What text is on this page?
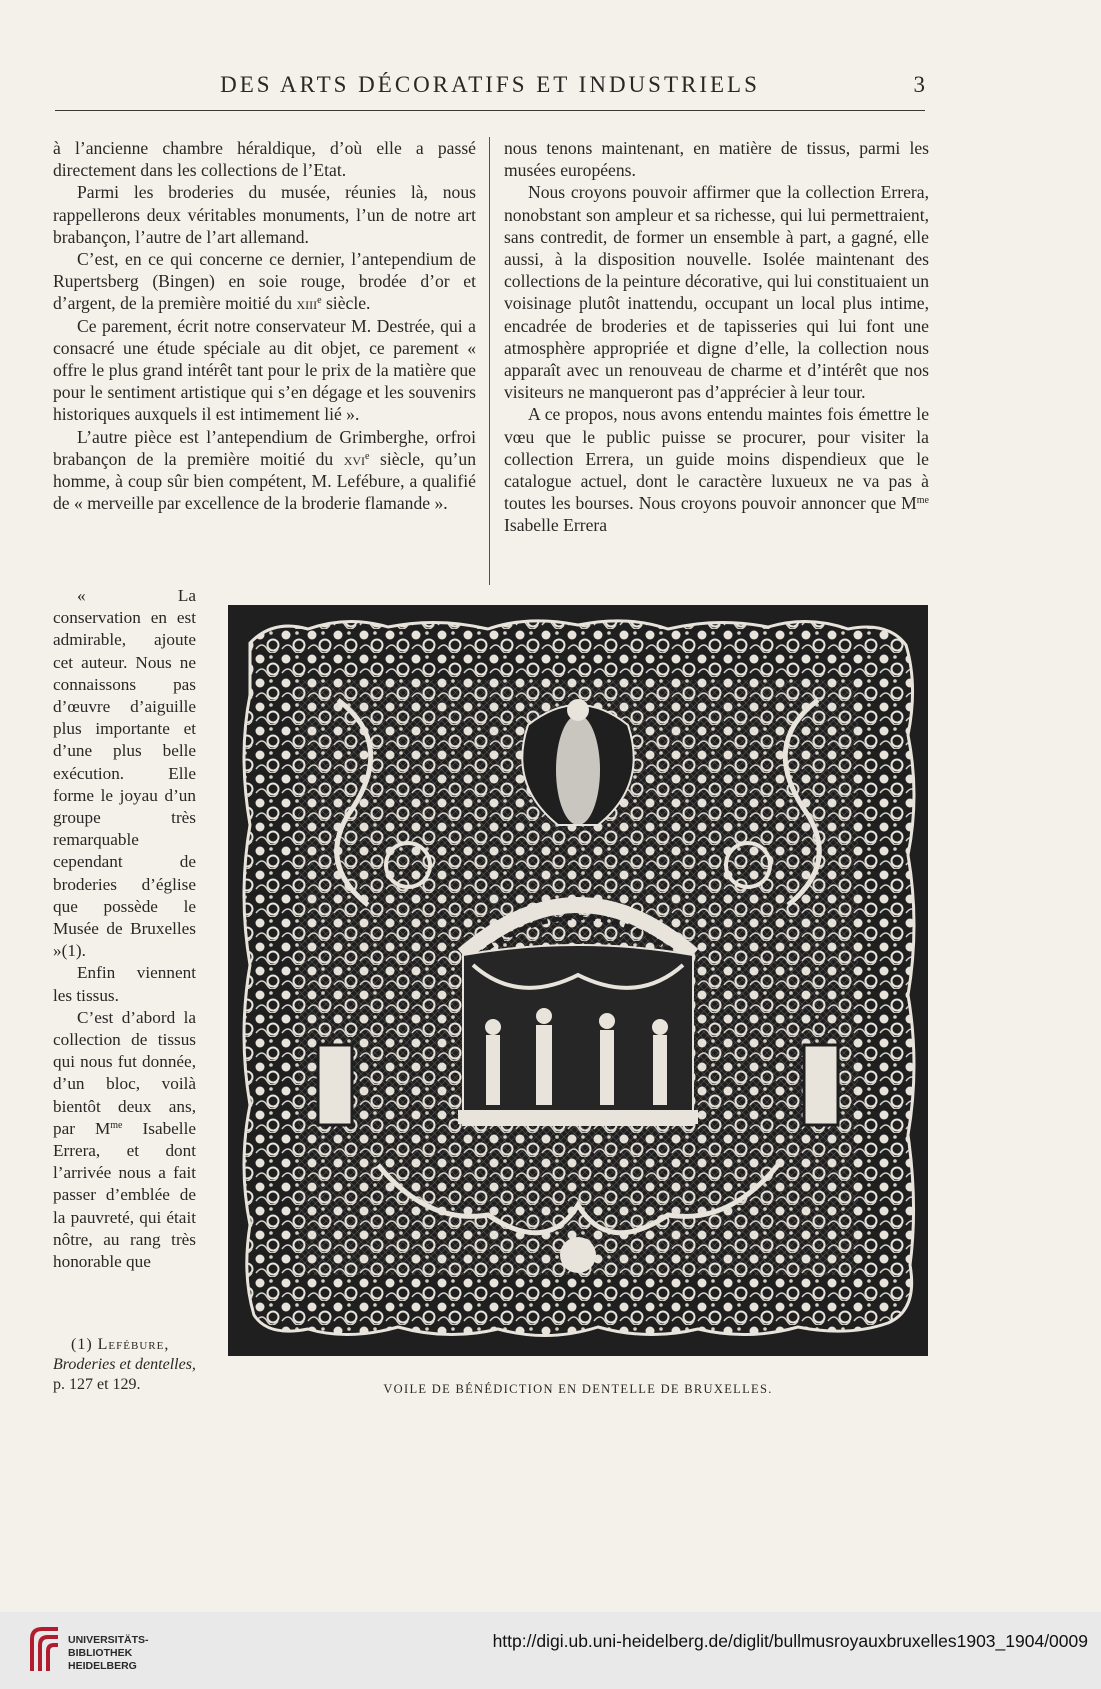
DES ARTS DÉCORATIFS ET INDUSTRIELS	3

à l’ancienne chambre héraldique, d’où elle a passé directement dans les collections de l’Etat.

Parmi les broderies du musée, réunies là, nous rappellerons deux véritables monuments, l’un de notre art brabançon, l’autre de l’art allemand.

C’est, en ce qui concerne ce dernier, l’antependium de Rupertsberg (Bingen) en soie rouge, brodée d’or et d’argent, de la première moitié du xiii$^e$ siècle.

Ce parement, écrit notre conservateur M. Destrée, qui a consacré une étude spéciale au dit objet, ce parement « offre le plus grand intérêt tant pour le prix de la matière que pour le sentiment artistique qui s’en dégage et les souvenirs historiques auxquels il est intimement lié ».

L’autre pièce est l’antependium de Grimberghe, orfroi brabançon de la première moitié du xvi$^e$ siècle, qu’un homme, à coup sûr bien compétent, M. Lefébure, a qualifié de « merveille par excellence de la broderie flamande ».

nous tenons maintenant, en matière de tissus, parmi les musées européens.

Nous croyons pouvoir affirmer que la collection Errera, nonobstant son ampleur et sa richesse, qui lui permettraient, sans contredit, de former un ensemble à part, a gagné, elle aussi, à la disposition nouvelle. Isolée maintenant des collections de la peinture décorative, qui lui constituaient un voisinage plutôt inattendu, occupant un local plus intime, encadrée de broderies et de tapisseries qui lui font une atmosphère appropriée et digne d’elle, la collection nous apparaît avec un renouveau de charme et d’intérêt que nos visiteurs ne manqueront pas d’apprécier à leur tour.

A ce propos, nous avons entendu maintes fois émettre le vœu que le public puisse se procurer, pour visiter la collection Errera, un guide moins dispendieux que le catalogue actuel, dont le caractère luxueux ne va pas à toutes les bourses. Nous croyons pouvoir annoncer que $M^{me}$ Isabelle Errera

« La conservation en est admirable, ajoute cet auteur. Nous ne connaissons pas d’œuvre d’aiguille plus importante et d’une plus belle exécution. Elle forme le joyau d’un groupe très remarquable cependant de broderies d’église que possède le Musée de Bruxelles »(1).

Enfin viennent les tissus.

C’est d’abord la collection de tissus qui nous fut donnée, d’un bloc, voilà bientôt deux ans, par $M^{me}$ Isabelle Errera, et dont l’arrivée nous a fait passer d’emblée de la pauvreté, qui était nôtre, au rang très honorable que

(1) Lefébure,
Broderies et dentelles,
p. 127 et 129.	VOILE DE BÉNÉDICTION EN DENTELLE DE BRUXELLES.
UNIVERSITÄTS-
BIBLIOTHEK
HEIDELBERG
http://digi.ub.uni-heidelberg.de/diglit/bullmusroyauxbruxelles1903_1904/0009
